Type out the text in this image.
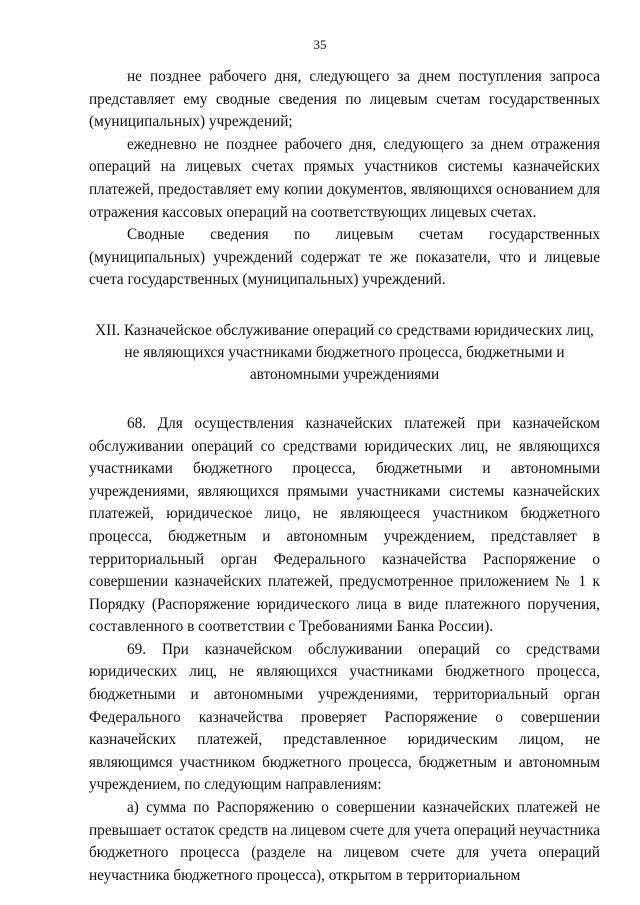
35

не позднее рабочего дня, следующего за днем поступления запроса представляет ему сводные сведения по лицевым счетам государственных (муниципальных) учреждений;

ежедневно не позднее рабочего дня, следующего за днем отражения операций на лицевых счетах прямых участников системы казначейских платежей, предоставляет ему копии документов, являющихся основанием для отражения кассовых операций на соответствующих лицевых счетах.

Сводные сведения по лицевым счетам государственных (муниципальных) учреждений содержат те же показатели, что и лицевые счета государственных (муниципальных) учреждений.

XII. Казначейское обслуживание операций со средствами юридических лиц,
не являющихся участниками бюджетного процесса, бюджетными и
автономными учреждениями

68. Для осуществления казначейских платежей при казначейском обслуживании операций со средствами юридических лиц, не являющихся участниками бюджетного процесса, бюджетными и автономными учреждениями, являющихся прямыми участниками системы казначейских платежей, юридическое лицо, не являющееся участником бюджетного процесса, бюджетным и автономным учреждением, представляет в территориальный орган Федерального казначейства Распоряжение о совершении казначейских платежей, предусмотренное приложением № 1 к Порядку (Распоряжение юридического лица в виде платежного поручения, составленного в соответствии с Требованиями Банка России).

69. При казначейском обслуживании операций со средствами юридических лиц, не являющихся участниками бюджетного процесса, бюджетными и автономными учреждениями, территориальный орган Федерального казначейства проверяет Распоряжение о совершении казначейских платежей, представленное юридическим лицом, не являющимся участником бюджетного процесса, бюджетным и автономным учреждением, по следующим направлениям:

а) сумма по Распоряжению о совершении казначейских платежей не превышает остаток средств на лицевом счете для учета операций неучастника бюджетного процесса (разделе на лицевом счете для учета операций неучастника бюджетного процесса), открытом в территориальном
